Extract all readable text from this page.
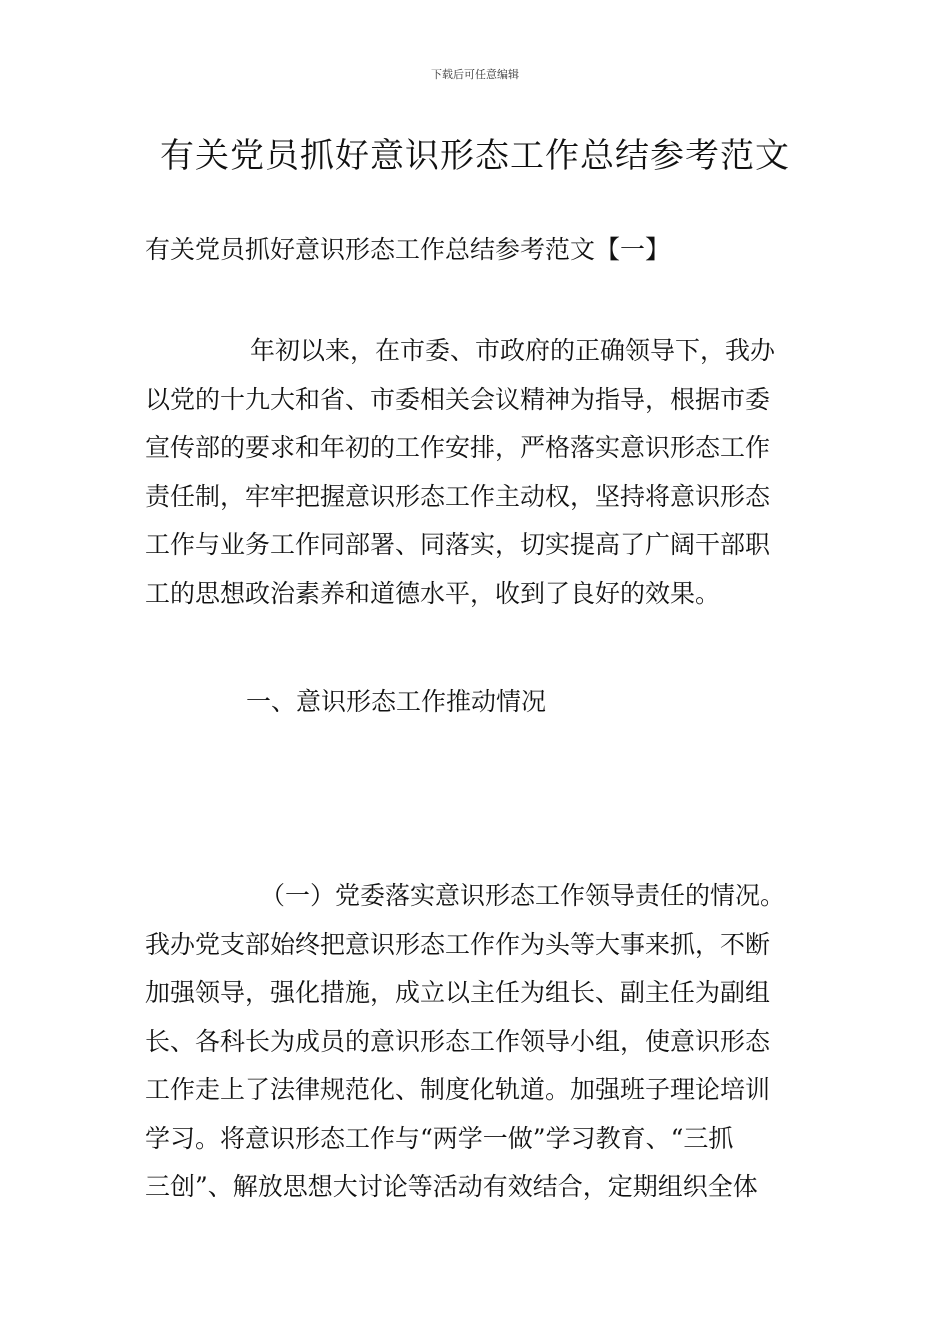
下载后可任意编辑
有关党员抓好意识形态工作总结参考范文
有关党员抓好意识形态工作总结参考范文【一】
年初以来，在市委、市政府的正确领导下，我办
以党的十九大和省、市委相关会议精神为指导，根据市委
宣传部的要求和年初的工作安排，严格落实意识形态工作
责任制，牢牢把握意识形态工作主动权，坚持将意识形态
工作与业务工作同部署、同落实，切实提高了广阔干部职
工的思想政治素养和道德水平，收到了良好的效果。
一、意识形态工作推动情况
（一）党委落实意识形态工作领导责任的情况。
我办党支部始终把意识形态工作作为头等大事来抓，不断
加强领导，强化措施，成立以主任为组长、副主任为副组
长、各科长为成员的意识形态工作领导小组，使意识形态
工作走上了法律规范化、制度化轨道。加强班子理论培训
学习。将意识形态工作与“两学一做”学习教育、“三抓
三创”、解放思想大讨论等活动有效结合，定期组织全体
